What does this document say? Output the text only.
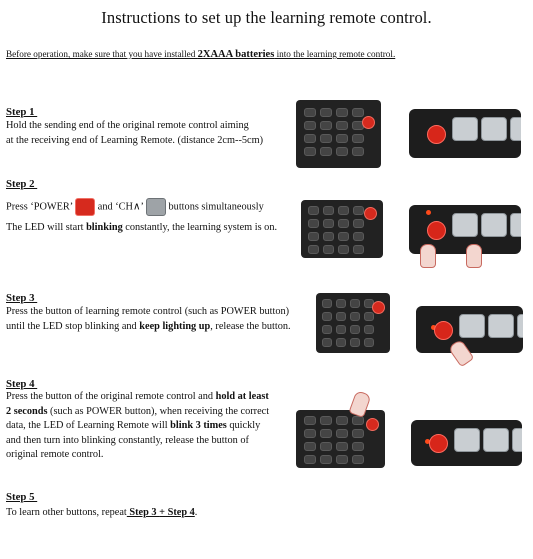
Instructions to set up the learning remote control.
Before operation, make sure that you have installed 2XAAA batteries into the learning remote control.
Step 1
Hold the sending end of the original remote control aiming
at the receiving end of Learning Remote. (distance 2cm--5cm)
Step 2
Press ‘POWER’ and ‘CH∧’ buttons simultaneously
The LED will start blinking constantly, the learning system is on.
Step 3
Press the button of learning remote control (such as POWER button)
until the LED stop blinking and keep lighting up, release the button.
Step 4
Press the button of the original remote control and hold at least
2 seconds (such as POWER button), when receiving the correct
data, the LED of Learning Remote will blink 3 times quickly
and then turn into blinking constantly, release the button of
original remote control.
Step 5
To learn other buttons, repeat Step 3 + Step 4.
